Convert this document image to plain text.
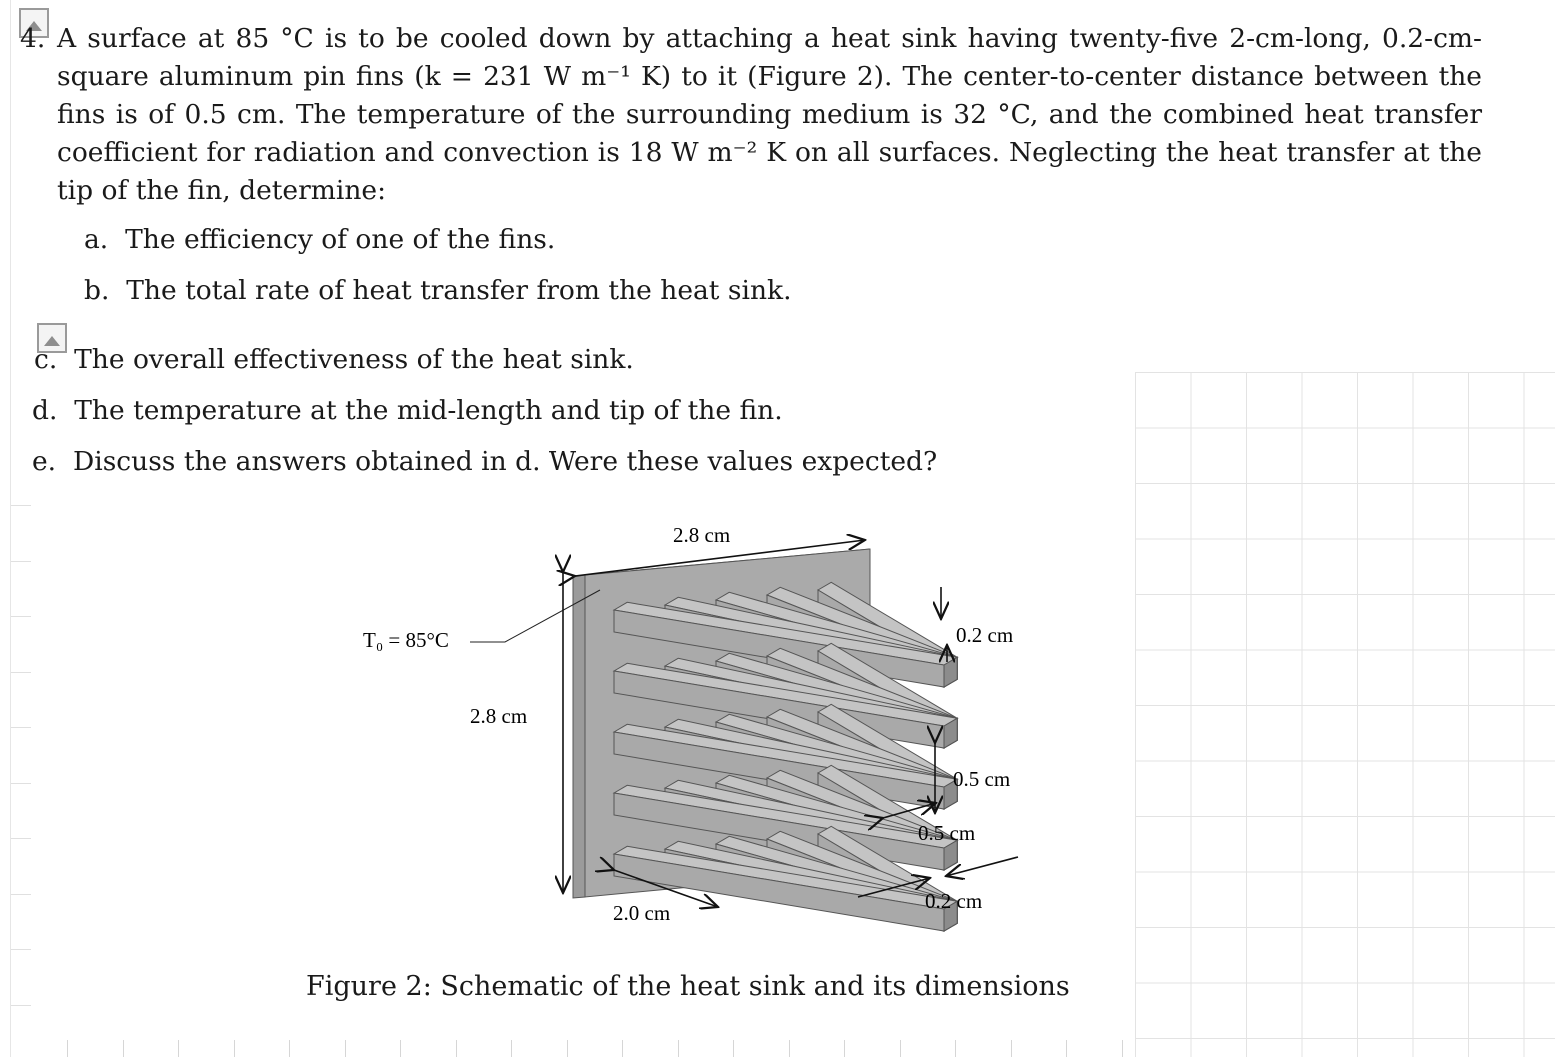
4. A surface at 85 °C is to be cooled down by attaching a heat sink having twenty-five 2-cm-long, 0.2-cm-square aluminum pin fins (k = 231 W m⁻¹ K) to it (Figure 2). The center-to-center distance between the fins is of 0.5 cm. The temperature of the surrounding medium is 32 °C, and the combined heat transfer coefficient for radiation and convection is 18 W m⁻² K on all surfaces. Neglecting the heat transfer at the tip of the fin, determine:
a. The efficiency of one of the fins.
b. The total rate of heat transfer from the heat sink.
c. The overall effectiveness of the heat sink.
d. The temperature at the mid-length and tip of the fin.
e. Discuss the answers obtained in d. Were these values expected?
T₀ = 85°C
2.8 cm
2.8 cm
2.0 cm
0.2 cm
0.5 cm
0.5 cm
0.2 cm
Figure 2: Schematic of the heat sink and its dimensions
